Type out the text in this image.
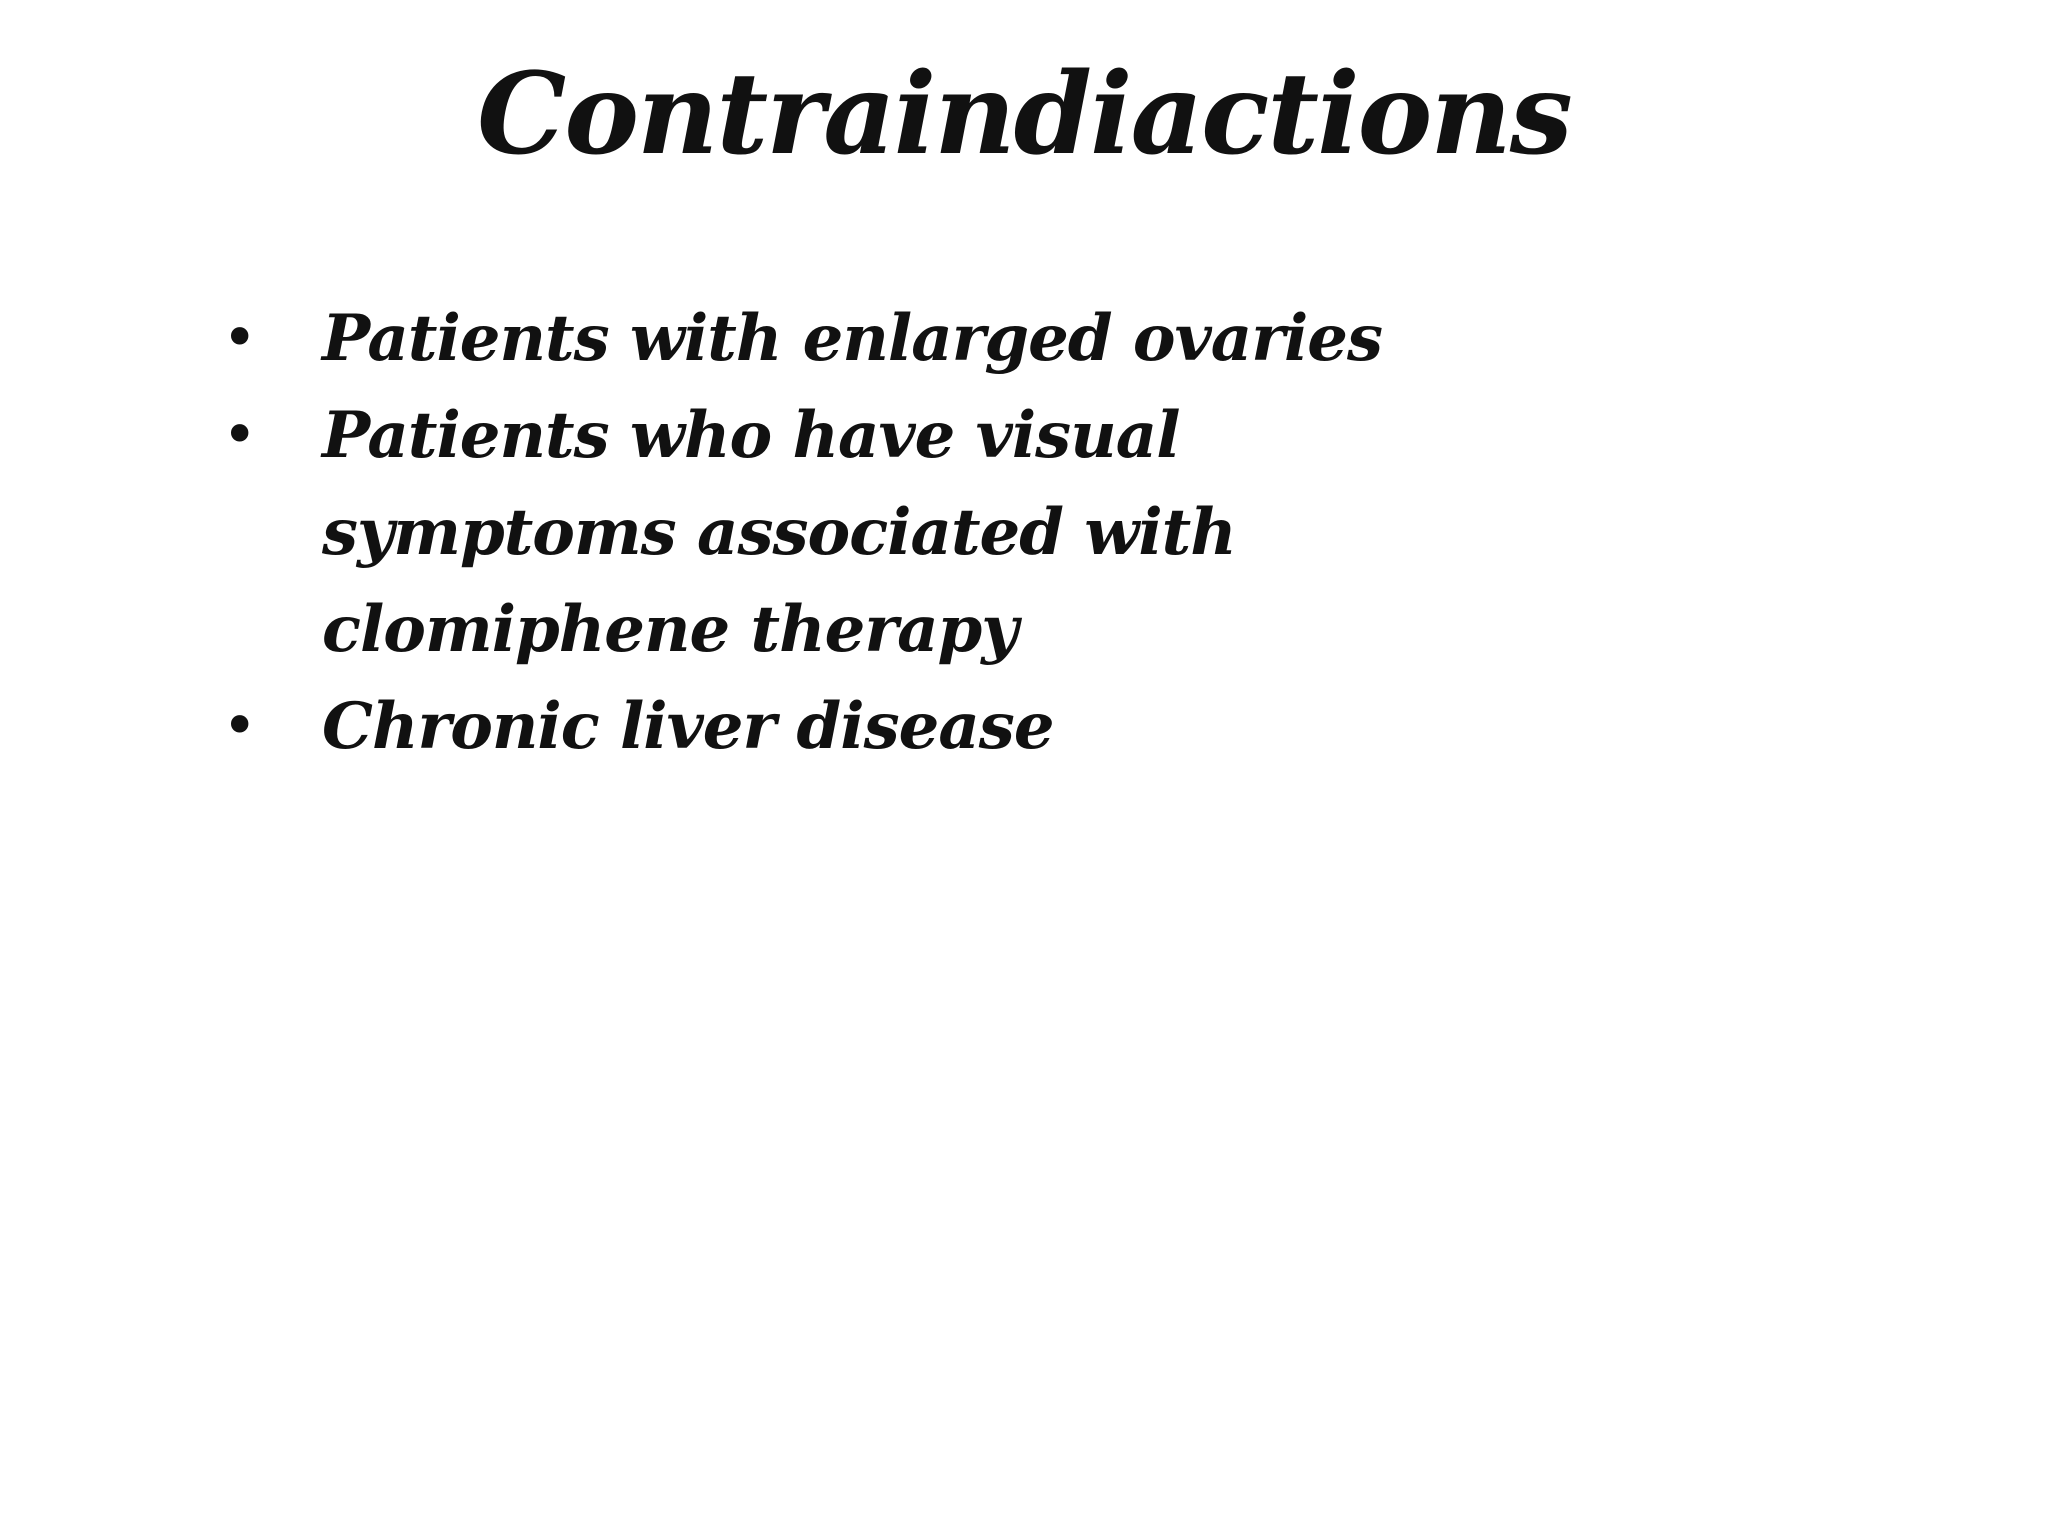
Contraindiactions
• Patients with enlarged ovaries
• Patients who have visual symptoms associated with clomiphene therapy
• Chronic liver disease
